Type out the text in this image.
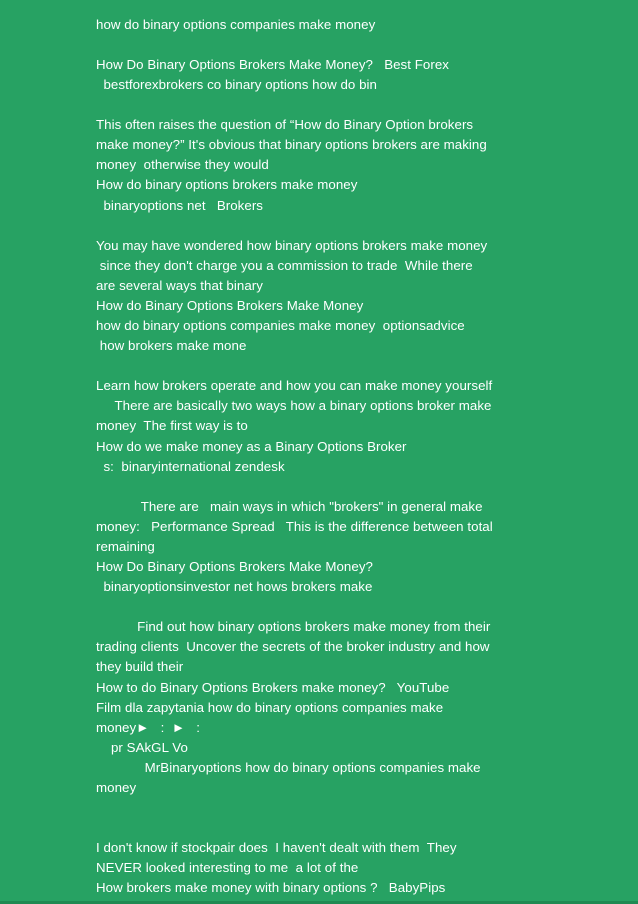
how do binary options companies make money
How Do Binary Options Brokers Make Money?   Best Forex
bestforexbrokers co binary options how do bin
This often raises the question of “How do Binary Option brokers
make money?” It's obvious that binary options brokers are making
money  otherwise they would
How do binary options brokers make money
binaryoptions net   Brokers
You may have wondered how binary options brokers make money
since they don't charge you a commission to trade  While there
are several ways that binary
How do Binary Options Brokers Make Money
how do binary options companies make money  optionsadvice
how brokers make mone
Learn how brokers operate and how you can make money yourself
There are basically two ways how a binary options broker make
money  The first way is to
How do we make money as a Binary Options Broker
s:  binaryinternational zendesk
There are   main ways in which "brokers" in general make
money:   Performance Spread   This is the difference between total
remaining
How Do Binary Options Brokers Make Money?
binaryoptionsinvestor net hows brokers make
Find out how binary options brokers make money from their
trading clients  Uncover the secrets of the broker industry and how
they build their
How to do Binary Options Brokers make money?   YouTube
Film dla zapytania how do binary options companies make
money►   :  ►   :
pr SAkGL Vo
MrBinaryoptions how do binary options companies make
money
I don't know if stockpair does  I haven't dealt with them  They
NEVER looked interesting to me  a lot of the
How brokers make money with binary options ?   BabyPips
